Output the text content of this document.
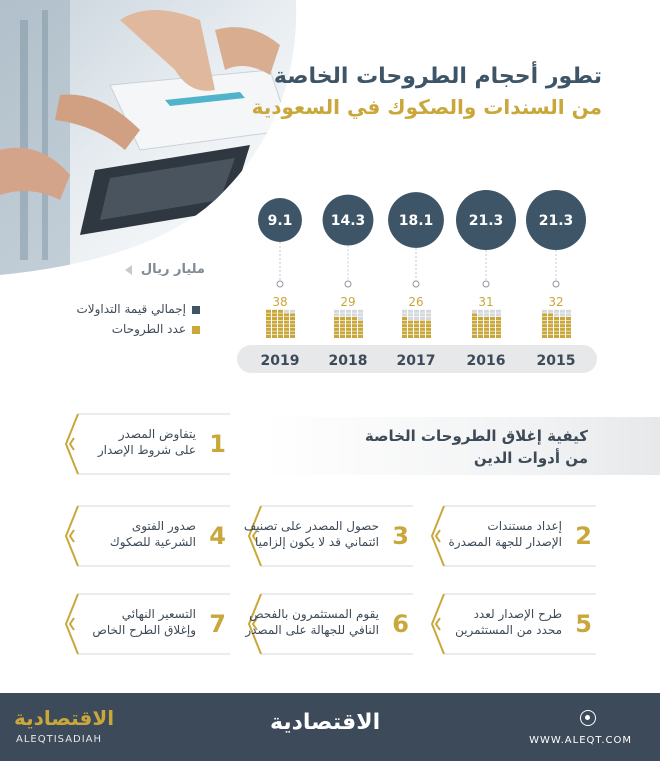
تطور أحجام الطروحات الخاصة
من السندات والصكوك في السعودية
21.3
32
2015
21.3
31
2016
18.1
26
2017
14.3
29
2018
9.1
38
2019
مليار ريال
إجمالي قيمة التداولات
عدد الطروحات
كيفية إغلاق الطروحات الخاصة
من أدوات الدين
يتفاوض المصدر
على شروط الإصدار 1
إعداد مستندات
الإصدار للجهة المصدرة 2
حصول المصدر على تصنيف
ائتماني قد لا يكون إلزاميا 3
صدور الفتوى
الشرعية للصكوك 4
طرح الإصدار لعدد
محدد من المستثمرين 5
يقوم المستثمرون بالفحص
النافي للجهالة على المصدر 6
التسعير النهائي
وإغلاق الطرح الخاص 7
الاقتصادية
ALEQTISADIAH
الاقتصادية
WWW.ALEQT.COM
